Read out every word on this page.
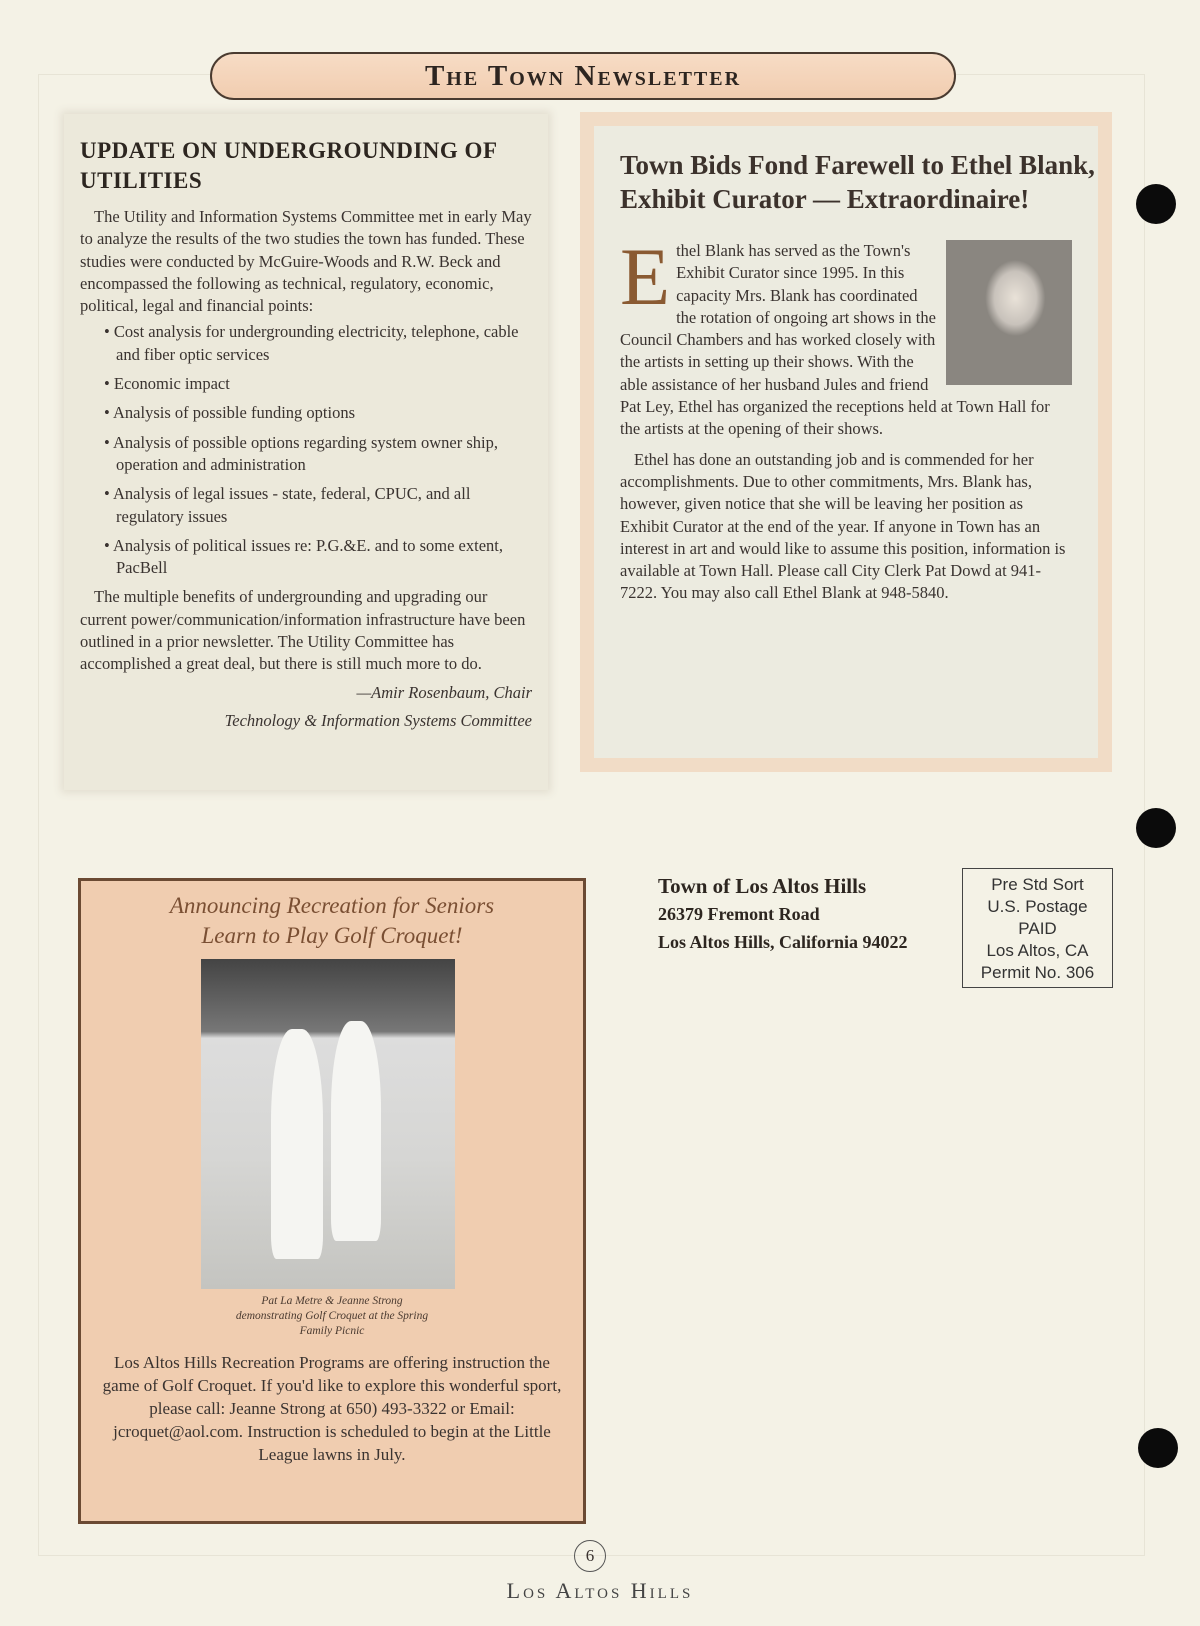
The Town Newsletter
UPDATE ON UNDERGROUNDING OF UTILITIES

The Utility and Information Systems Committee met in early May to analyze the results of the two studies the town has funded. These studies were conducted by McGuire-Woods and R.W. Beck and encompassed the following as technical, regulatory, economic, political, legal and financial points:

• Cost analysis for undergrounding electricity, telephone, cable and fiber optic services
• Economic impact
• Analysis of possible funding options
• Analysis of possible options regarding system owner ship, operation and administration
• Analysis of legal issues - state, federal, CPUC, and all regulatory issues
• Analysis of political issues re: P.G.&E. and to some extent, PacBell

The multiple benefits of undergrounding and upgrading our current power/communication/information infrastructure have been outlined in a prior newsletter. The Utility Committee has accomplished a great deal, but there is still much more to do.

—Amir Rosenbaum, Chair
Technology & Information Systems Committee
Town Bids Fond Farewell to Ethel Blank, Exhibit Curator — Extraordinaire!

Ethel Blank has served as the Town's Exhibit Curator since 1995. In this capacity Mrs. Blank has coordinated the rotation of ongoing art shows in the Council Chambers and has worked closely with the artists in setting up their shows. With the able assistance of her husband Jules and friend Pat Ley, Ethel has organized the receptions held at Town Hall for the artists at the opening of their shows.

Ethel has done an outstanding job and is commended for her accomplishments. Due to other commitments, Mrs. Blank has, however, given notice that she will be leaving her position as Exhibit Curator at the end of the year. If anyone in Town has an interest in art and would like to assume this position, information is available at Town Hall. Please call City Clerk Pat Dowd at 941-7222. You may also call Ethel Blank at 948-5840.

Announcing Recreation for Seniors
Learn to Play Golf Croquet!
Pat La Metre & Jeanne Strong demonstrating Golf Croquet at the Spring Family Picnic
Los Altos Hills Recreation Programs are offering instruction the game of Golf Croquet. If you'd like to explore this wonderful sport, please call: Jeanne Strong at 650) 493-3322 or Email: jcroquet@aol.com. Instruction is scheduled to begin at the Little League lawns in July.
Town of Los Altos Hills
26379 Fremont Road
Los Altos Hills, California 94022
Pre Std Sort
U.S. Postage
PAID
Los Altos, CA
Permit No. 306
6
Los Altos Hills
